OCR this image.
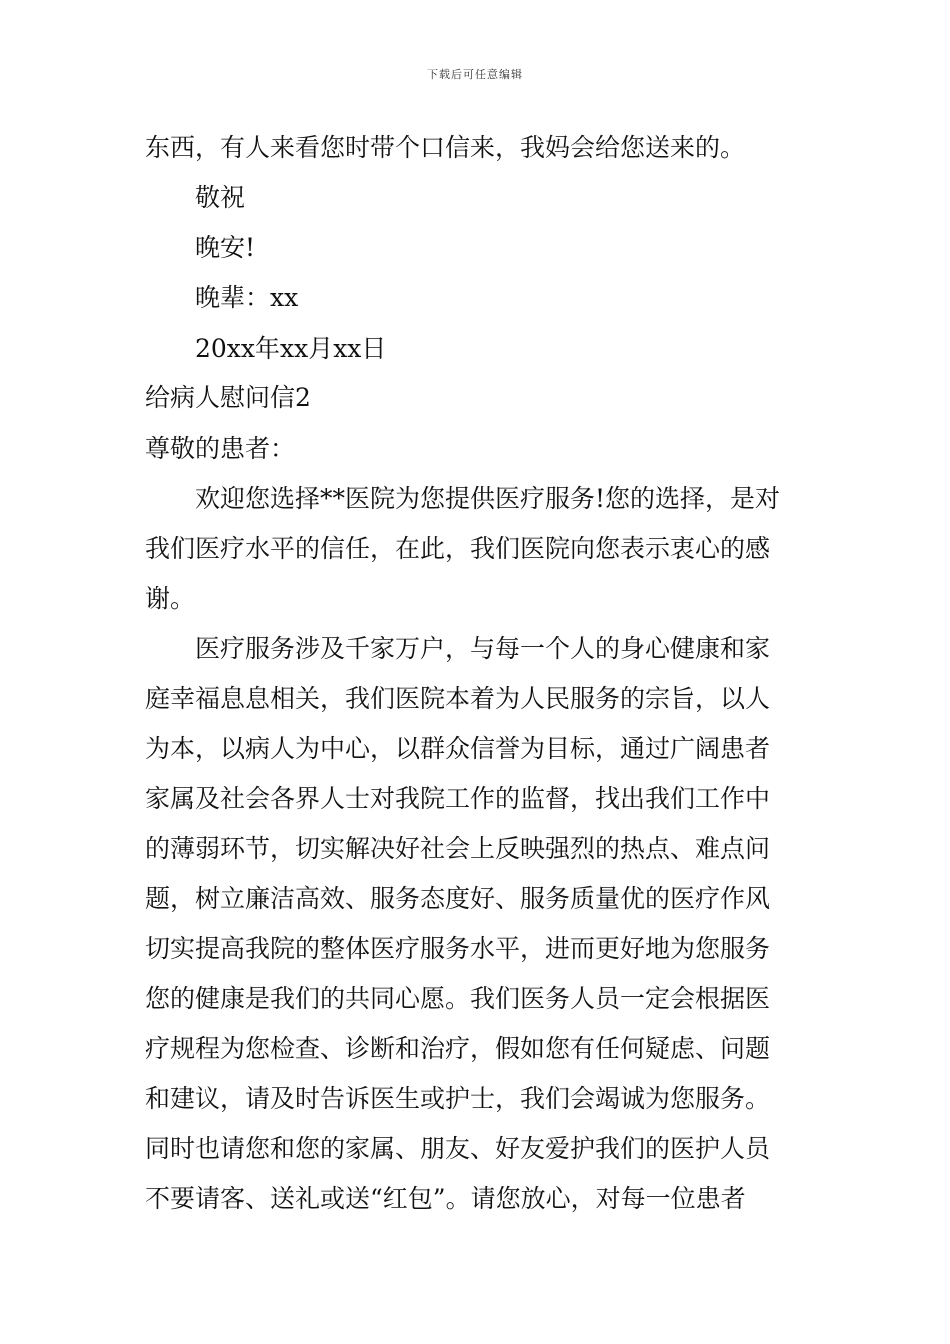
下载后可任意编辑
东西，有人来看您时带个口信来，我妈会给您送来的。
敬祝
晚安!
晚辈：xx
20xx年xx月xx日
给病人慰问信2
尊敬的患者：
欢迎您选择**医院为您提供医疗服务!您的选择，是对
我们医疗水平的信任，在此，我们医院向您表示衷心的感
谢。
医疗服务涉及千家万户，与每一个人的身心健康和家
庭幸福息息相关，我们医院本着为人民服务的宗旨，以人
为本，以病人为中心，以群众信誉为目标，通过广阔患者
家属及社会各界人士对我院工作的监督，找出我们工作中
的薄弱环节，切实解决好社会上反映强烈的热点、难点问
题，树立廉洁高效、服务态度好、服务质量优的医疗作风
切实提高我院的整体医疗服务水平，进而更好地为您服务
您的健康是我们的共同心愿。我们医务人员一定会根据医
疗规程为您检查、诊断和治疗，假如您有任何疑虑、问题
和建议，请及时告诉医生或护士，我们会竭诚为您服务。
同时也请您和您的家属、朋友、好友爱护我们的医护人员
不要请客、送礼或送“红包”。请您放心，对每一位患者
